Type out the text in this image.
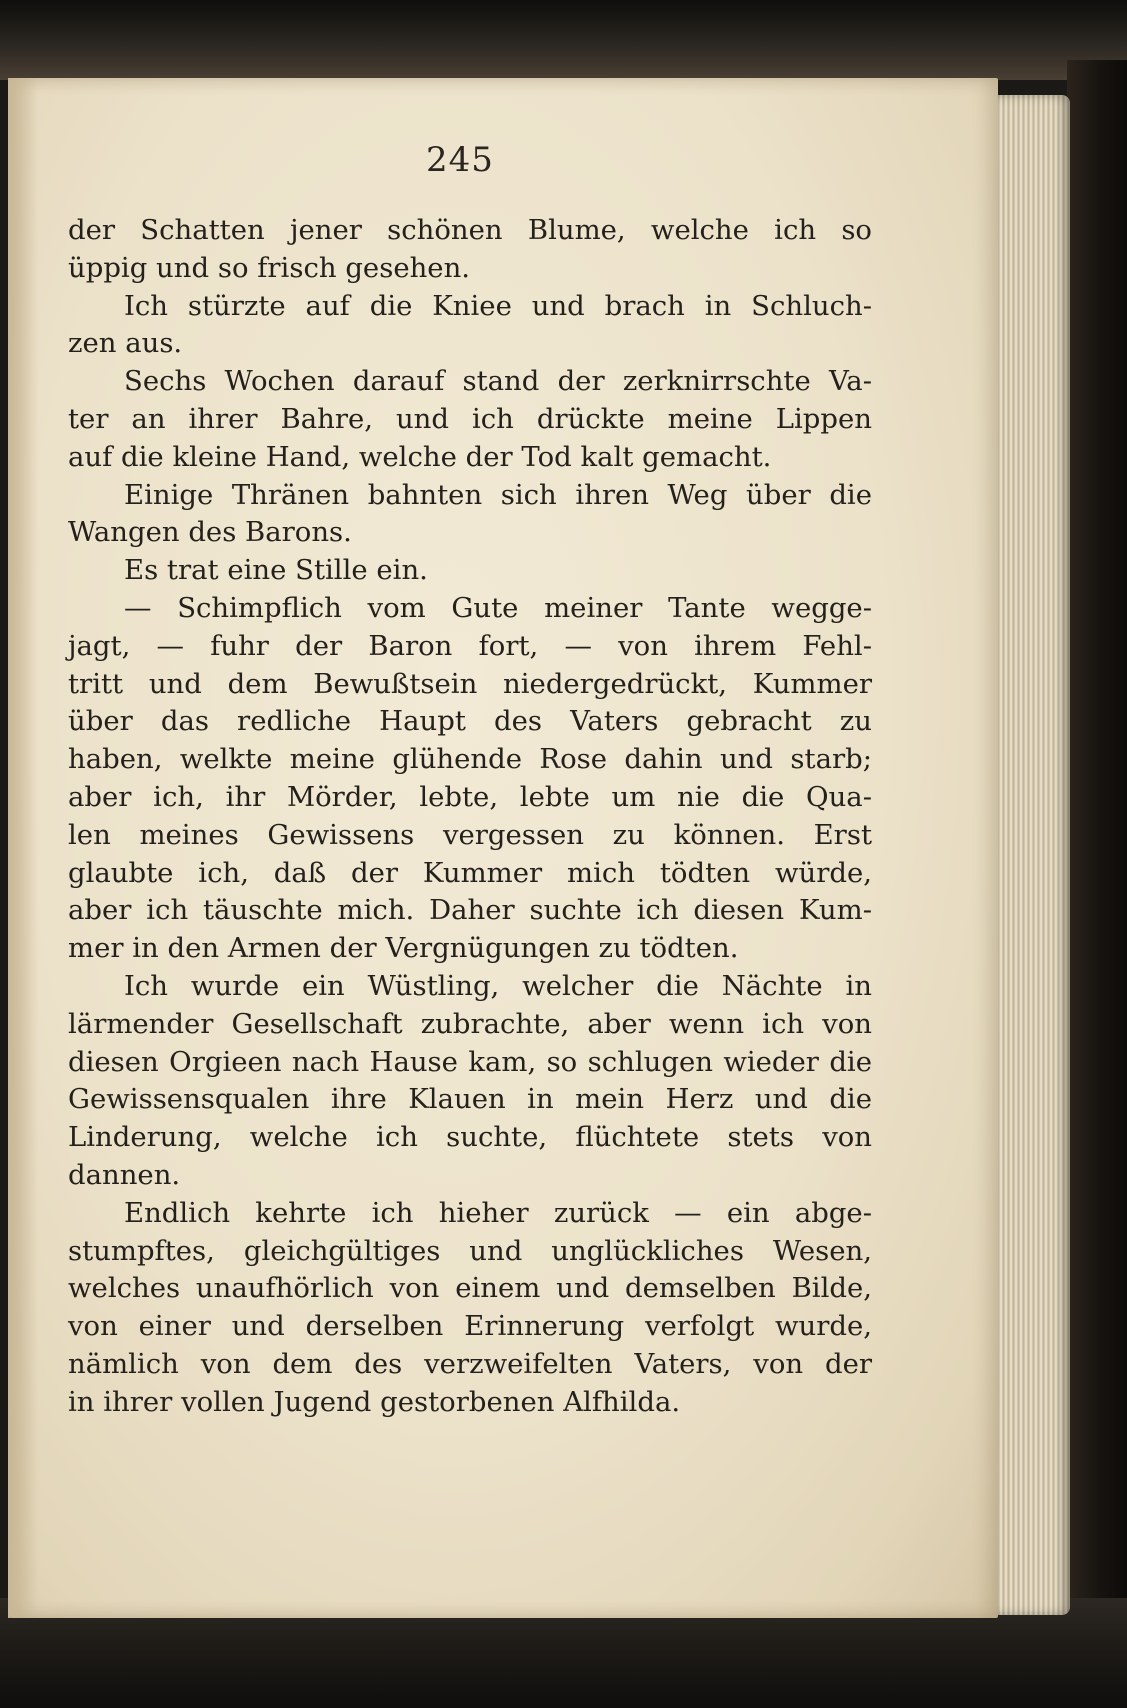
245
der Schatten jener schönen Blume, welche ich so
üppig und so frisch gesehen.
Ich stürzte auf die Kniee und brach in Schluch-
zen aus.
Sechs Wochen darauf stand der zerknirrschte Va-
ter an ihrer Bahre, und ich drückte meine Lippen
auf die kleine Hand, welche der Tod kalt gemacht.
Einige Thränen bahnten sich ihren Weg über die
Wangen des Barons.
Es trat eine Stille ein.
— Schimpflich vom Gute meiner Tante wegge-
jagt, — fuhr der Baron fort, — von ihrem Fehl-
tritt und dem Bewußtsein niedergedrückt, Kummer
über das redliche Haupt des Vaters gebracht zu
haben, welkte meine glühende Rose dahin und starb;
aber ich, ihr Mörder, lebte, lebte um nie die Qua-
len meines Gewissens vergessen zu können. Erst
glaubte ich, daß der Kummer mich tödten würde,
aber ich täuschte mich. Daher suchte ich diesen Kum-
mer in den Armen der Vergnügungen zu tödten.
Ich wurde ein Wüstling, welcher die Nächte in
lärmender Gesellschaft zubrachte, aber wenn ich von
diesen Orgieen nach Hause kam, so schlugen wieder die
Gewissensqualen ihre Klauen in mein Herz und die
Linderung, welche ich suchte, flüchtete stets von
dannen.
Endlich kehrte ich hieher zurück — ein abge-
stumpftes, gleichgültiges und unglückliches Wesen,
welches unaufhörlich von einem und demselben Bilde,
von einer und derselben Erinnerung verfolgt wurde,
nämlich von dem des verzweifelten Vaters, von der
in ihrer vollen Jugend gestorbenen Alfhilda.
